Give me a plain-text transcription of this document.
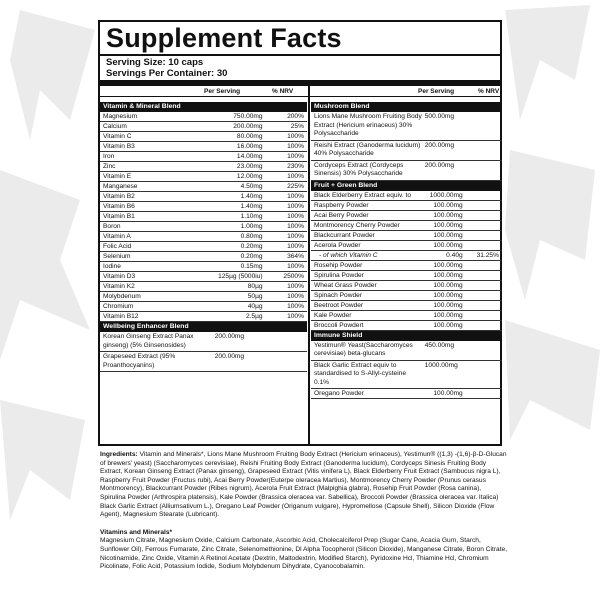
Supplement Facts
Serving Size: 10 caps
Servings Per Container: 30
Per Serving	% NRV	Per Serving	% NRV
Vitamin & Mineral Blend
Magnesium	750.00mg	200%
Calcium	200.00mg	25%
Vitamin C	80.00mg	100%
Vitamin B3	16.00mg	100%
Iron	14.00mg	100%
Zinc	23.00mg	230%
Vitamin E	12.00mg	100%
Manganese	4.50mg	225%
Vitamin B2	1.40mg	100%
Vitamin B6	1.40mg	100%
Vitamin B1	1.10mg	100%
Boron	1.00mg	100%
Vitamin A	0.80mg	100%
Folic Acid	0.20mg	100%
Selenium	0.20mg	364%
Iodine	0.15mg	100%
Vitamin D3	125µg (5000iu)	2500%
Vitamin K2	80µg	100%
Molybdenum	50µg	100%
Chromium	40µg	100%
Vitamin B12	2.5µg	100%
Wellbeing Enhancer Blend
Korean Ginseng Extract Panax ginseng) (5% Ginsenosides)
200.00mg
Grapeseed Extract (95% Proanthocyanins)
200.00mg
Mushroom Blend
Lions Mane Mushroom Fruiting Body Extract (Hericium erinaceus) 30% Polysaccharide
500.00mg
Reishi Extract (Ganoderma lucidum) 40% Polysaccharide
200.00mg
Cordyceps Extract (Cordyceps Sinensis) 30% Polysaccharide
200.00mg
Fruit + Green Blend
Black Elderberry Extract equiv. to	1000.00mg
Raspberry Powder	100.00mg
Acai Berry Powder	100.00mg
Montmorency Cherry Powder	100.00mg
Blackcurrant Powder	100.00mg
Acerola Powder	100.00mg
- of which Vitamin C	0.40g	31.25%
Rosehip Powder	100.00mg
Spirulina Powder	100.00mg
Wheat Grass Powder	100.00mg
Spinach Powder	100.00mg
Beetroot Powder	100.00mg
Kale Powder	100.00mg
Broccoli Powdert	100.00mg
Immune Shield
Yestimun® Yeast(Saccharomyces cerevisiae) beta-glucans
450.00mg
Black Garlic Extract equiv to standardised to S-Allyl-cysteine 0.1%
1000.00mg
Oregano Powder	100.00mg

Ingredients: Vitamin and Minerals*, Lions Mane Mushroom Fruiting Body Extract (Hericium erinaceus), Yestimun® ((1,3) -(1,6)-β-D-Glucan of brewers' yeast) (Saccharomyces cerevisiae), Reishi Fruiting Body Extract (Ganoderma lucidum), Cordyceps Sinesis Fruiting Body Extract, Korean Ginseng Extract (Panax ginseng), Grapeseed Extract (Vitis vinifera L), Black Elderberry Fruit Extract (Sambucus nigra L), Raspberry Fruit Powder (Fructus rubi), Acai Berry Powder(Euterpe oleracea Martius), Montmorency Cherry Powder (Prunus cerasus Montmorency), Blackcurrant Powder (Ribes nigrum), Acerola Fruit Extract (Malpighia glabra), Rosehip Fruit Powder (Rosa canina), Spirulina Powder (Arthrospira platensis), Kale Powder (Brassica oleracea var. Sabellica), Broccoli Powder (Brassica oleracea var. Italica) Black Garlic Extract (Alliumsativum L.), Oregano Leaf Powder (Origanum vulgare), Hypromellose (Capsule Shell), Silicon Dioxide (Flow Agent), Magnesium Stearate (Lubricant).

Vitamins and Minerals*
Magnesium Citrate, Magnesium Oxide, Calcium Carbonate, Ascorbic Acid, Cholecalciferol Prep (Sugar Cane, Acacia Gum, Starch, Sunflower Oil), Ferrous Fumarate, Zinc Citrate, Selenomethionine, Dl Alpha Tocopherol (Silicon Dioxide), Manganese Citrate, Boron Citrate, Nicotinamide, Zinc Oxide, Vitamin A Retinol Acetate (Dextrin, Maltodextrin, Modified Starch), Pyridoxine Hcl, Thiamine Hcl, Chromium Picolinate, Folic Acid, Potassium Iodide, Sodium Molybdenum Dihydrate, Cyanocobalamin.
